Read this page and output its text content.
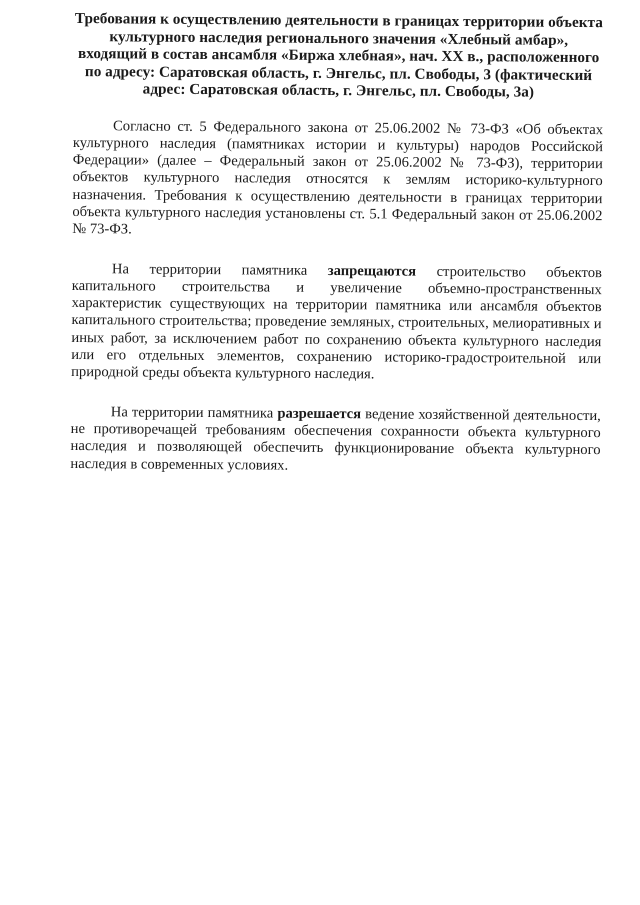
Требования к осуществлению деятельности в границах территории объекта культурного наследия регионального значения «Хлебный амбар», входящий в состав ансамбля «Биржа хлебная», нач. XX в., расположенного по адресу: Саратовская область, г. Энгельс, пл. Свободы, 3 (фактический адрес: Саратовская область, г. Энгельс, пл. Свободы, 3а)

Согласно ст. 5 Федерального закона от 25.06.2002 № 73-ФЗ «Об объектах культурного наследия (памятниках истории и культуры) народов Российской Федерации» (далее – Федеральный закон от 25.06.2002 № 73-ФЗ), территории объектов культурного наследия относятся к землям историко-культурного назначения. Требования к осуществлению деятельности в границах территории объекта культурного наследия установлены ст. 5.1 Федеральный закон от 25.06.2002 № 73-ФЗ.

На территории памятника запрещаются строительство объектов капитального строительства и увеличение объемно-пространственных характеристик существующих на территории памятника или ансамбля объектов капитального строительства; проведение земляных, строительных, мелиоративных и иных работ, за исключением работ по сохранению объекта культурного наследия или его отдельных элементов, сохранению историко-градостроительной или природной среды объекта культурного наследия.

На территории памятника разрешается ведение хозяйственной деятельности, не противоречащей требованиям обеспечения сохранности объекта культурного наследия и позволяющей обеспечить функционирование объекта культурного наследия в современных условиях.
